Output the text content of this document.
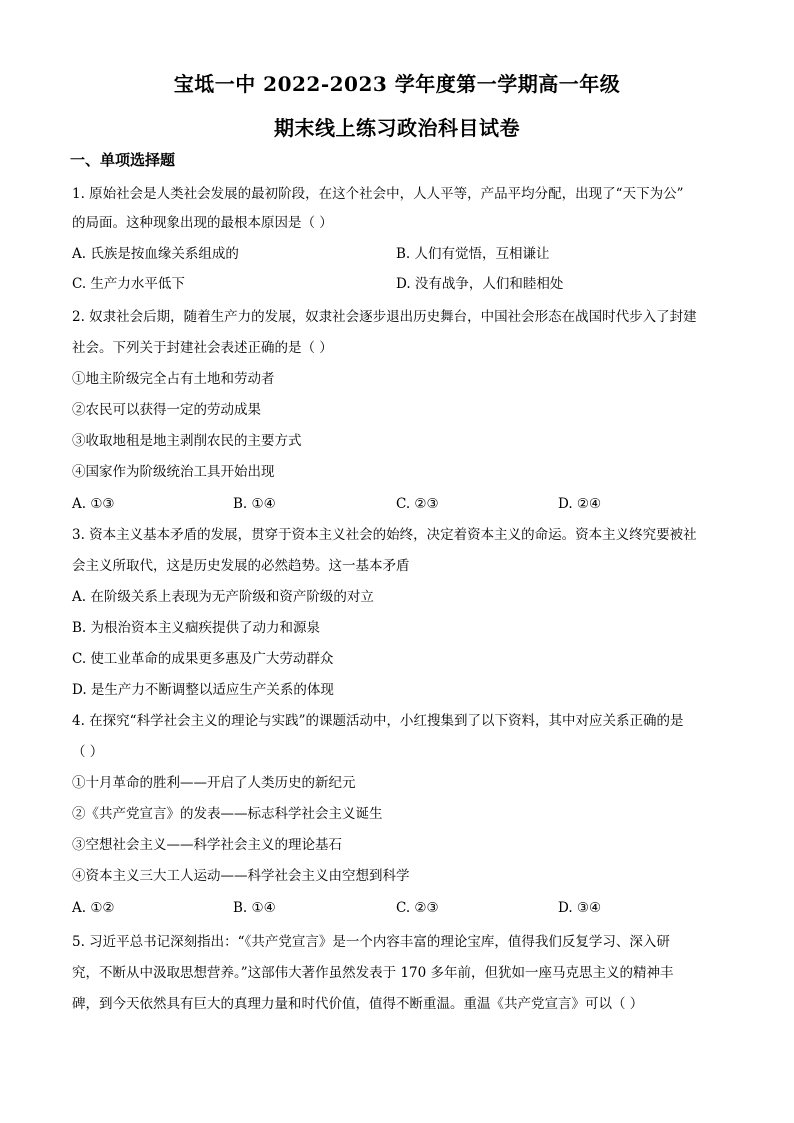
宝坻一中 2022-2023 学年度第一学期高一年级
期末线上练习政治科目试卷
一、单项选择题
1. 原始社会是人类社会发展的最初阶段，在这个社会中，人人平等，产品平均分配，出现了“天下为公”
的局面。这种现象出现的最根本原因是（ ）
A. 氏族是按血缘关系组成的	B. 人们有觉悟，互相谦让
C. 生产力水平低下	D. 没有战争，人们和睦相处
2. 奴隶社会后期，随着生产力的发展，奴隶社会逐步退出历史舞台，中国社会形态在战国时代步入了封建
社会。下列关于封建社会表述正确的是（ ）
①地主阶级完全占有土地和劳动者
②农民可以获得一定的劳动成果
③收取地租是地主剥削农民的主要方式
④国家作为阶级统治工具开始出现
A. ①③	B. ①④	C. ②③	D. ②④
3. 资本主义基本矛盾的发展，贯穿于资本主义社会的始终，决定着资本主义的命运。资本主义终究要被社
会主义所取代，这是历史发展的必然趋势。这一基本矛盾
A. 在阶级关系上表现为无产阶级和资产阶级的对立
B. 为根治资本主义痼疾提供了动力和源泉
C. 使工业革命的成果更多惠及广大劳动群众
D. 是生产力不断调整以适应生产关系的体现
4. 在探究“科学社会主义的理论与实践”的课题活动中，小红搜集到了以下资料，其中对应关系正确的是
（ ）
①十月革命的胜利——开启了人类历史的新纪元
②《共产党宣言》的发表——标志科学社会主义诞生
③空想社会主义——科学社会主义的理论基石
④资本主义三大工人运动——科学社会主义由空想到科学
A. ①②	B. ①④	C. ②③	D. ③④
5. 习近平总书记深刻指出：“《共产党宣言》是一个内容丰富的理论宝库，值得我们反复学习、深入研
究，不断从中汲取思想营养。”这部伟大著作虽然发表于 170 多年前，但犹如一座马克思主义的精神丰
碑，到今天依然具有巨大的真理力量和时代价值，值得不断重温。重温《共产党宣言》可以（ ）
